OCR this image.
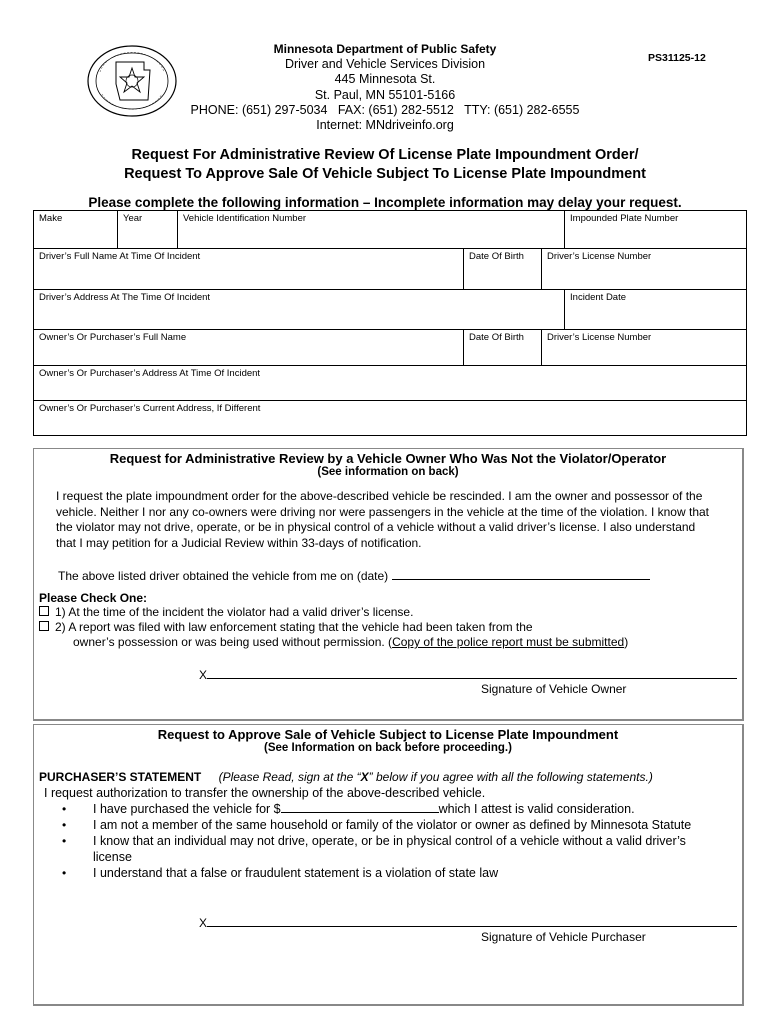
Minnesota Department of Public Safety
Driver and Vehicle Services Division
445 Minnesota St.
St. Paul, MN 55101-5166
PHONE: (651) 297-5034   FAX: (651) 282-5512   TTY: (651) 282-6555
Internet: MNdriveinfo.org
PS31125-12
Request For Administrative Review Of License Plate Impoundment Order/
Request To Approve Sale Of Vehicle Subject To License Plate Impoundment
Please complete the following information – Incomplete information may delay your request.
Make	Year	Vehicle Identification Number			Impounded Plate Number
Driver’s Full Name At Time Of Incident			Date Of Birth	Driver’s License Number	
Driver’s Address At The Time Of Incident					Incident Date
Owner’s Or Purchaser’s Full Name			Date Of Birth	Driver’s License Number	
Owner’s Or Purchaser’s Address At Time Of Incident					
Owner’s Or Purchaser’s Current Address, If Different					

Request for Administrative Review by a Vehicle Owner Who Was Not the Violator/Operator

(See information on back)

I request the plate impoundment order for the above-described vehicle be rescinded. I am the owner and possessor of the vehicle. Neither I nor any co-owners were driving nor were passengers in the vehicle at the time of the violation. I know that the violator may not drive, operate, or be in physical control of a vehicle without a valid driver’s license. I also understand that I may petition for a Judicial Review within 33-days of notification.
The above listed driver obtained the vehicle from me on (date)
Please Check One:
1) At the time of the incident the violator had a valid driver’s license.
2) A report was filed with law enforcement stating that the vehicle had been taken from the
owner’s possession or was being used without permission. (Copy of the police report must be submitted)
X
Signature of Vehicle Owner

Request to Approve Sale of Vehicle Subject to License Plate Impoundment

(See Information on back before proceeding.)

PURCHASER’S STATEMENT (Please Read, sign at the “X” below if you agree with all the following statements.)
I request authorization to transfer the ownership of the above-described vehicle.
• I have purchased the vehicle for $	which I attest is valid consideration.
• I am not a member of the same household or family of the violator or owner as defined by Minnesota Statute
• I know that an individual may not drive, operate, or be in physical control of a vehicle without a valid driver’s license
• I understand that a false or fraudulent statement is a violation of state law
X
Signature of Vehicle Purchaser
